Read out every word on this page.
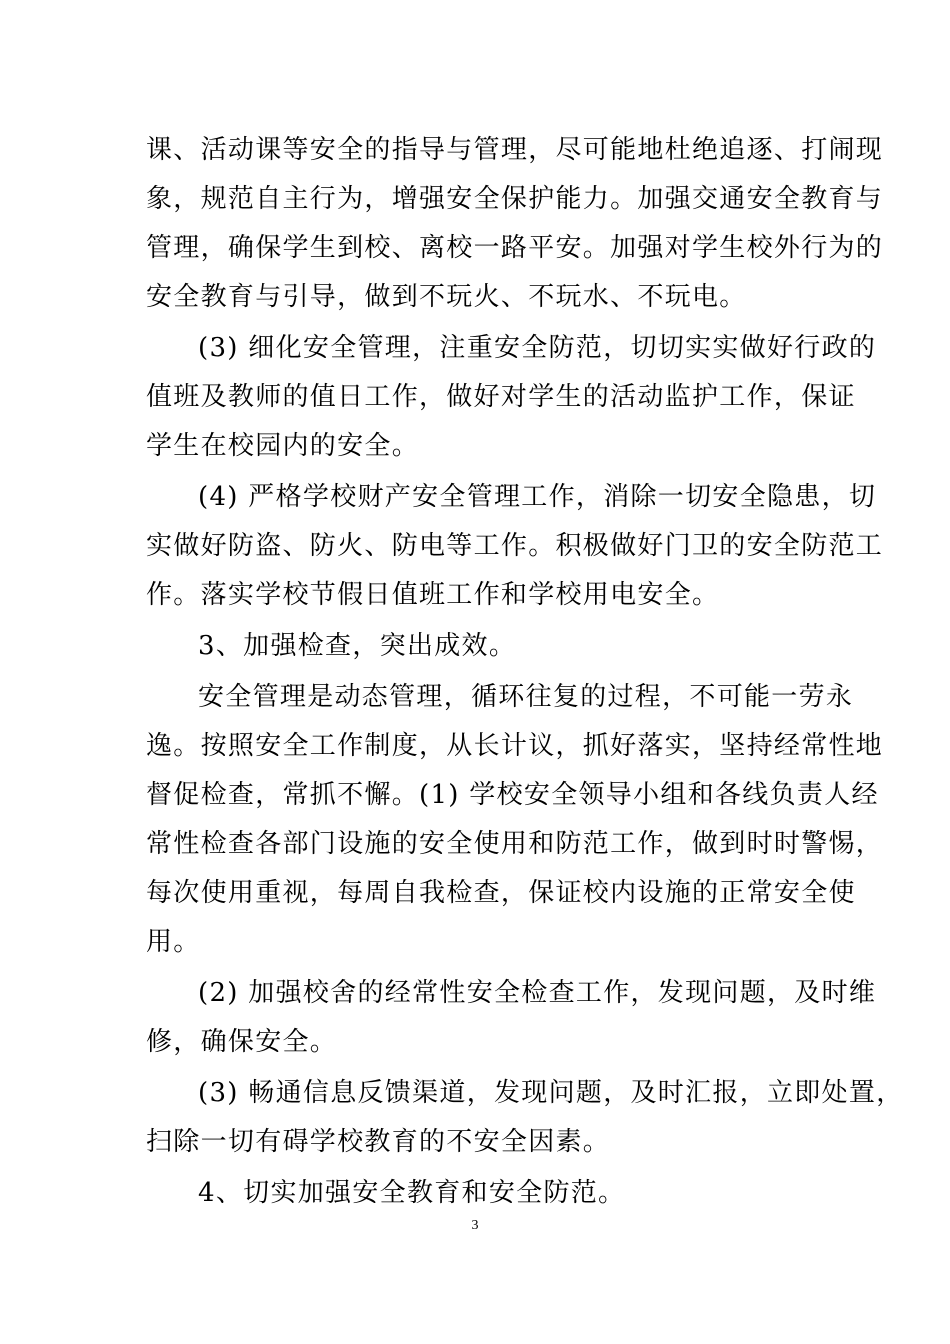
课、活动课等安全的指导与管理，尽可能地杜绝追逐、打闹现
象，规范自主行为，增强安全保护能力。加强交通安全教育与
管理，确保学生到校、离校一路平安。加强对学生校外行为的
安全教育与引导，做到不玩火、不玩水、不玩电。
(3) 细化安全管理，注重安全防范，切切实实做好行政的
值班及教师的值日工作，做好对学生的活动监护工作，保证
学生在校园内的安全。
(4) 严格学校财产安全管理工作，消除一切安全隐患，切
实做好防盗、防火、防电等工作。积极做好门卫的安全防范工
作。落实学校节假日值班工作和学校用电安全。
3、加强检查，突出成效。
安全管理是动态管理，循环往复的过程，不可能一劳永
逸。按照安全工作制度，从长计议，抓好落实，坚持经常性地
督促检查，常抓不懈。(1) 学校安全领导小组和各线负责人经
常性检查各部门设施的安全使用和防范工作，做到时时警惕，
每次使用重视，每周自我检查，保证校内设施的正常安全使
用。
(2) 加强校舍的经常性安全检查工作，发现问题，及时维
修，确保安全。
(3) 畅通信息反馈渠道，发现问题，及时汇报，立即处置，
扫除一切有碍学校教育的不安全因素。
4、切实加强安全教育和安全防范。
3
